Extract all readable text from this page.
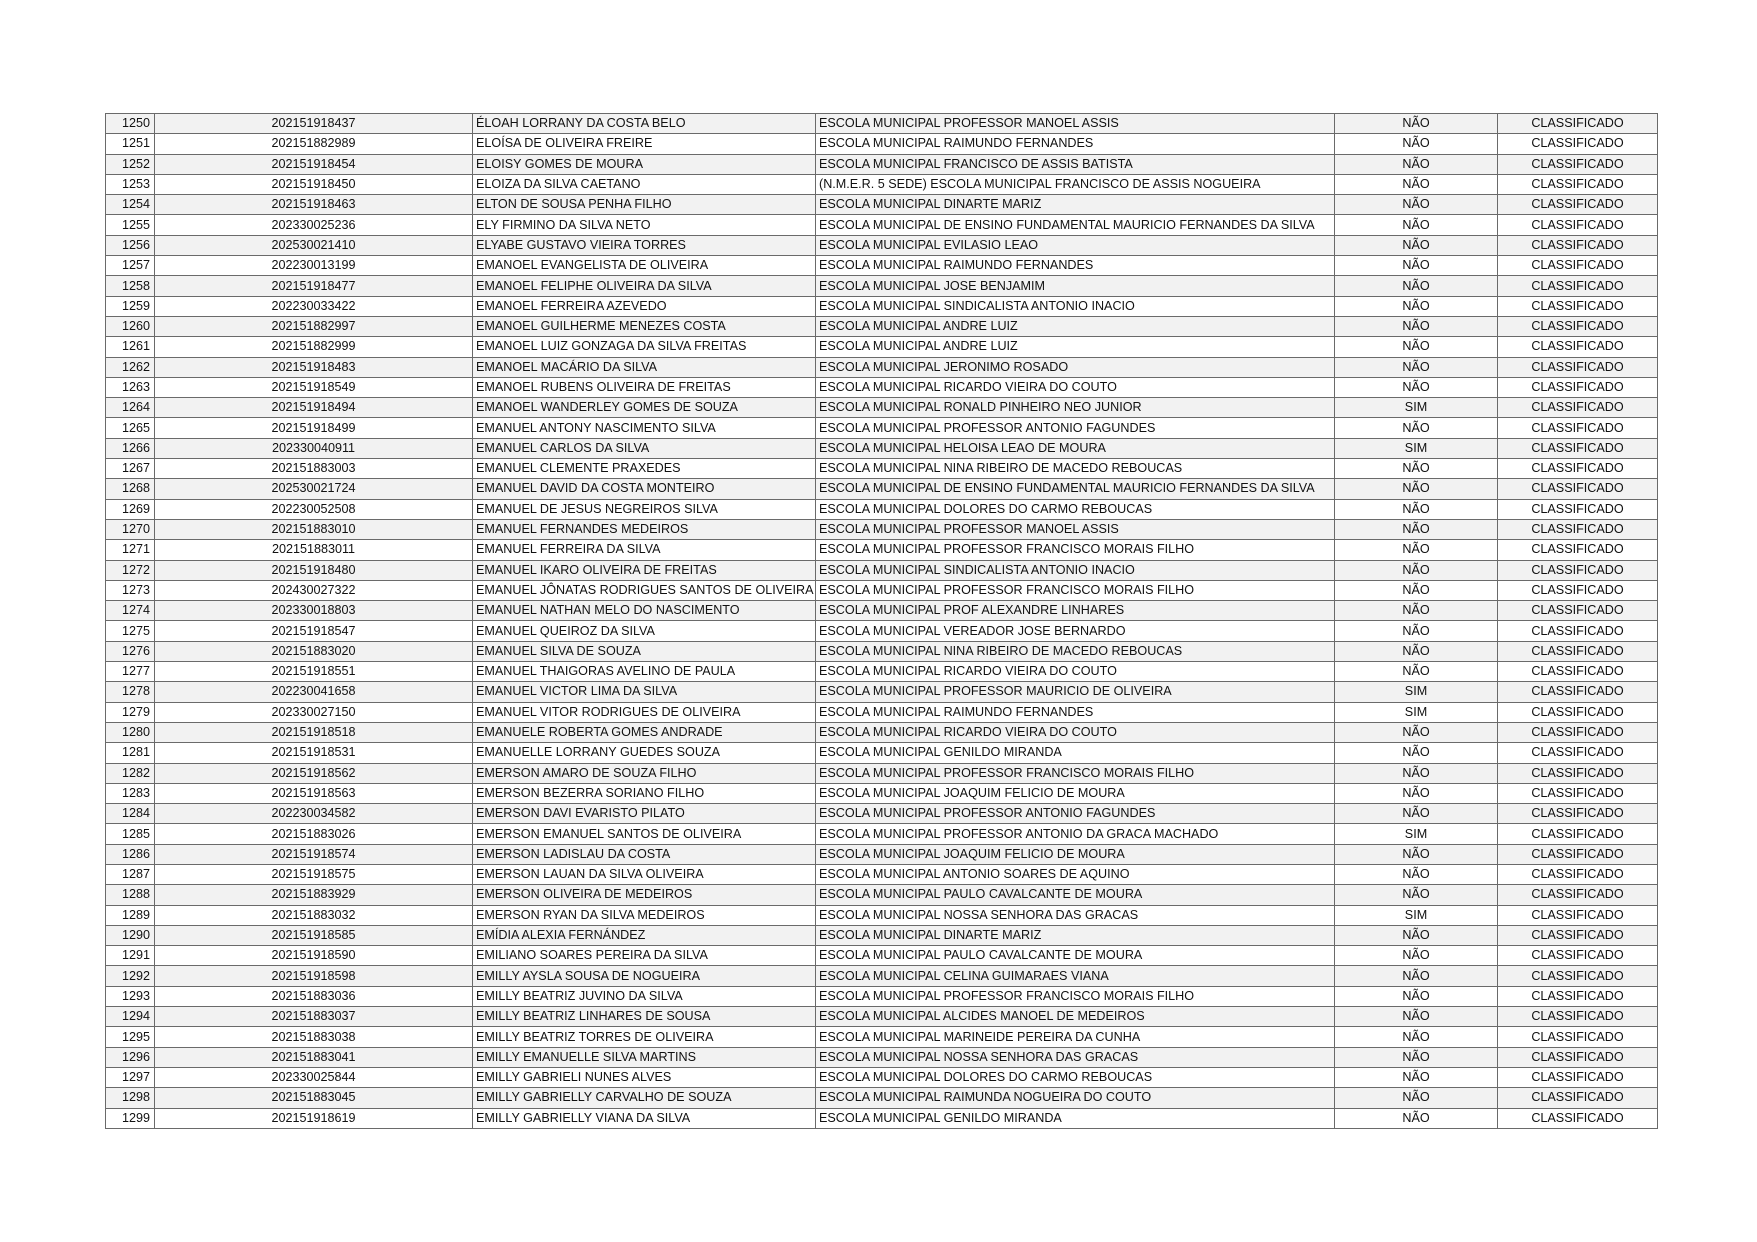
1250	202151918437	ÉLOAH LORRANY DA COSTA BELO	ESCOLA MUNICIPAL PROFESSOR MANOEL ASSIS	NÃO	CLASSIFICADO
1251	202151882989	ELOÍSA DE OLIVEIRA FREIRE	ESCOLA MUNICIPAL RAIMUNDO FERNANDES	NÃO	CLASSIFICADO
1252	202151918454	ELOISY GOMES DE MOURA	ESCOLA MUNICIPAL FRANCISCO DE ASSIS BATISTA	NÃO	CLASSIFICADO
1253	202151918450	ELOIZA DA SILVA CAETANO	(N.M.E.R. 5 SEDE) ESCOLA MUNICIPAL FRANCISCO DE ASSIS NOGUEIRA	NÃO	CLASSIFICADO
1254	202151918463	ELTON DE SOUSA PENHA FILHO	ESCOLA MUNICIPAL DINARTE MARIZ	NÃO	CLASSIFICADO
1255	202330025236	ELY FIRMINO DA SILVA NETO	ESCOLA MUNICIPAL DE ENSINO FUNDAMENTAL MAURICIO FERNANDES DA SILVA	NÃO	CLASSIFICADO
1256	202530021410	ELYABE GUSTAVO VIEIRA TORRES	ESCOLA MUNICIPAL EVILASIO LEAO	NÃO	CLASSIFICADO
1257	202230013199	EMANOEL EVANGELISTA DE OLIVEIRA	ESCOLA MUNICIPAL RAIMUNDO FERNANDES	NÃO	CLASSIFICADO
1258	202151918477	EMANOEL FELIPHE OLIVEIRA DA SILVA	ESCOLA MUNICIPAL JOSE BENJAMIM	NÃO	CLASSIFICADO
1259	202230033422	EMANOEL FERREIRA AZEVEDO	ESCOLA MUNICIPAL SINDICALISTA ANTONIO INACIO	NÃO	CLASSIFICADO
1260	202151882997	EMANOEL GUILHERME MENEZES COSTA	ESCOLA MUNICIPAL ANDRE LUIZ	NÃO	CLASSIFICADO
1261	202151882999	EMANOEL LUIZ GONZAGA DA SILVA FREITAS	ESCOLA MUNICIPAL ANDRE LUIZ	NÃO	CLASSIFICADO
1262	202151918483	EMANOEL MACÁRIO DA SILVA	ESCOLA MUNICIPAL JERONIMO ROSADO	NÃO	CLASSIFICADO
1263	202151918549	EMANOEL RUBENS OLIVEIRA DE FREITAS	ESCOLA MUNICIPAL RICARDO VIEIRA DO COUTO	NÃO	CLASSIFICADO
1264	202151918494	EMANOEL WANDERLEY GOMES DE SOUZA	ESCOLA MUNICIPAL RONALD PINHEIRO NEO JUNIOR	SIM	CLASSIFICADO
1265	202151918499	EMANUEL ANTONY NASCIMENTO SILVA	ESCOLA MUNICIPAL PROFESSOR ANTONIO FAGUNDES	NÃO	CLASSIFICADO
1266	202330040911	EMANUEL CARLOS DA SILVA	ESCOLA MUNICIPAL HELOISA LEAO DE MOURA	SIM	CLASSIFICADO
1267	202151883003	EMANUEL CLEMENTE PRAXEDES	ESCOLA MUNICIPAL NINA RIBEIRO DE MACEDO REBOUCAS	NÃO	CLASSIFICADO
1268	202530021724	EMANUEL DAVID DA COSTA MONTEIRO	ESCOLA MUNICIPAL DE ENSINO FUNDAMENTAL MAURICIO FERNANDES DA SILVA	NÃO	CLASSIFICADO
1269	202230052508	EMANUEL DE JESUS NEGREIROS SILVA	ESCOLA MUNICIPAL DOLORES DO CARMO REBOUCAS	NÃO	CLASSIFICADO
1270	202151883010	EMANUEL FERNANDES MEDEIROS	ESCOLA MUNICIPAL PROFESSOR MANOEL ASSIS	NÃO	CLASSIFICADO
1271	202151883011	EMANUEL FERREIRA DA SILVA	ESCOLA MUNICIPAL PROFESSOR FRANCISCO MORAIS FILHO	NÃO	CLASSIFICADO
1272	202151918480	EMANUEL IKARO OLIVEIRA DE FREITAS	ESCOLA MUNICIPAL SINDICALISTA ANTONIO INACIO	NÃO	CLASSIFICADO
1273	202430027322	EMANUEL JÔNATAS RODRIGUES SANTOS DE OLIVEIRA	ESCOLA MUNICIPAL PROFESSOR FRANCISCO MORAIS FILHO	NÃO	CLASSIFICADO
1274	202330018803	EMANUEL NATHAN MELO DO NASCIMENTO	ESCOLA MUNICIPAL PROF ALEXANDRE LINHARES	NÃO	CLASSIFICADO
1275	202151918547	EMANUEL QUEIROZ DA SILVA	ESCOLA MUNICIPAL VEREADOR JOSE BERNARDO	NÃO	CLASSIFICADO
1276	202151883020	EMANUEL SILVA DE SOUZA	ESCOLA MUNICIPAL NINA RIBEIRO DE MACEDO REBOUCAS	NÃO	CLASSIFICADO
1277	202151918551	EMANUEL THAIGORAS AVELINO DE PAULA	ESCOLA MUNICIPAL RICARDO VIEIRA DO COUTO	NÃO	CLASSIFICADO
1278	202230041658	EMANUEL VICTOR LIMA DA SILVA	ESCOLA MUNICIPAL PROFESSOR MAURICIO DE OLIVEIRA	SIM	CLASSIFICADO
1279	202330027150	EMANUEL VITOR RODRIGUES DE OLIVEIRA	ESCOLA MUNICIPAL RAIMUNDO FERNANDES	SIM	CLASSIFICADO
1280	202151918518	EMANUELE ROBERTA GOMES ANDRADE	ESCOLA MUNICIPAL RICARDO VIEIRA DO COUTO	NÃO	CLASSIFICADO
1281	202151918531	EMANUELLE LORRANY GUEDES SOUZA	ESCOLA MUNICIPAL GENILDO MIRANDA	NÃO	CLASSIFICADO
1282	202151918562	EMERSON AMARO DE SOUZA FILHO	ESCOLA MUNICIPAL PROFESSOR FRANCISCO MORAIS FILHO	NÃO	CLASSIFICADO
1283	202151918563	EMERSON BEZERRA SORIANO FILHO	ESCOLA MUNICIPAL JOAQUIM FELICIO DE MOURA	NÃO	CLASSIFICADO
1284	202230034582	EMERSON DAVI EVARISTO PILATO	ESCOLA MUNICIPAL PROFESSOR ANTONIO FAGUNDES	NÃO	CLASSIFICADO
1285	202151883026	EMERSON EMANUEL SANTOS DE OLIVEIRA	ESCOLA MUNICIPAL PROFESSOR ANTONIO DA GRACA MACHADO	SIM	CLASSIFICADO
1286	202151918574	EMERSON LADISLAU DA COSTA	ESCOLA MUNICIPAL JOAQUIM FELICIO DE MOURA	NÃO	CLASSIFICADO
1287	202151918575	EMERSON LAUAN DA SILVA OLIVEIRA	ESCOLA MUNICIPAL ANTONIO SOARES DE AQUINO	NÃO	CLASSIFICADO
1288	202151883929	EMERSON OLIVEIRA DE MEDEIROS	ESCOLA MUNICIPAL PAULO CAVALCANTE DE MOURA	NÃO	CLASSIFICADO
1289	202151883032	EMERSON RYAN DA SILVA MEDEIROS	ESCOLA MUNICIPAL NOSSA SENHORA DAS GRACAS	SIM	CLASSIFICADO
1290	202151918585	EMÍDIA ALEXIA FERNÁNDEZ	ESCOLA MUNICIPAL DINARTE MARIZ	NÃO	CLASSIFICADO
1291	202151918590	EMILIANO SOARES PEREIRA DA SILVA	ESCOLA MUNICIPAL PAULO CAVALCANTE DE MOURA	NÃO	CLASSIFICADO
1292	202151918598	EMILLY AYSLA SOUSA DE NOGUEIRA	ESCOLA MUNICIPAL CELINA GUIMARAES VIANA	NÃO	CLASSIFICADO
1293	202151883036	EMILLY BEATRIZ JUVINO DA SILVA	ESCOLA MUNICIPAL PROFESSOR FRANCISCO MORAIS FILHO	NÃO	CLASSIFICADO
1294	202151883037	EMILLY BEATRIZ LINHARES DE SOUSA	ESCOLA MUNICIPAL ALCIDES MANOEL DE MEDEIROS	NÃO	CLASSIFICADO
1295	202151883038	EMILLY BEATRIZ TORRES DE OLIVEIRA	ESCOLA MUNICIPAL MARINEIDE PEREIRA DA CUNHA	NÃO	CLASSIFICADO
1296	202151883041	EMILLY EMANUELLE SILVA MARTINS	ESCOLA MUNICIPAL NOSSA SENHORA DAS GRACAS	NÃO	CLASSIFICADO
1297	202330025844	EMILLY GABRIELI NUNES ALVES	ESCOLA MUNICIPAL DOLORES DO CARMO REBOUCAS	NÃO	CLASSIFICADO
1298	202151883045	EMILLY GABRIELLY CARVALHO DE SOUZA	ESCOLA MUNICIPAL RAIMUNDA NOGUEIRA DO COUTO	NÃO	CLASSIFICADO
1299	202151918619	EMILLY GABRIELLY VIANA DA SILVA	ESCOLA MUNICIPAL GENILDO MIRANDA	NÃO	CLASSIFICADO
